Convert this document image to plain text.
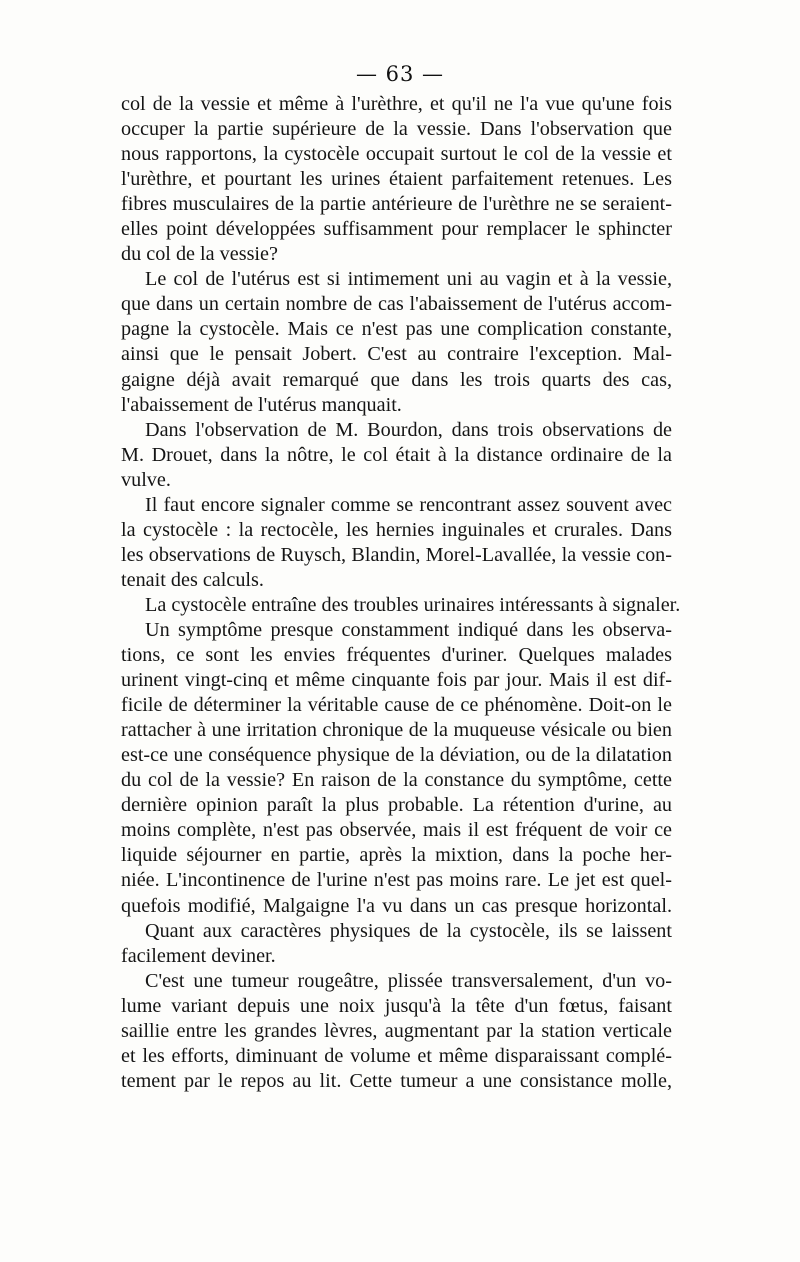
— 63 —
col de la vessie et même à l'urèthre, et qu'il ne l'a vue qu'une fois
occuper la partie supérieure de la vessie. Dans l'observation que
nous rapportons, la cystocèle occupait surtout le col de la vessie et
l'urèthre, et pourtant les urines étaient parfaitement retenues. Les
fibres musculaires de la partie antérieure de l'urèthre ne se seraient-
elles point développées suffisamment pour remplacer le sphincter
du col de la vessie?
Le col de l'utérus est si intimement uni au vagin et à la vessie,
que dans un certain nombre de cas l'abaissement de l'utérus accom-
pagne la cystocèle. Mais ce n'est pas une complication constante,
ainsi que le pensait Jobert. C'est au contraire l'exception. Mal-
gaigne déjà avait remarqué que dans les trois quarts des cas,
l'abaissement de l'utérus manquait.
Dans l'observation de M. Bourdon, dans trois observations de
M. Drouet, dans la nôtre, le col était à la distance ordinaire de la
vulve.
Il faut encore signaler comme se rencontrant assez souvent avec
la cystocèle : la rectocèle, les hernies inguinales et crurales. Dans
les observations de Ruysch, Blandin, Morel-Lavallée, la vessie con-
tenait des calculs.
La cystocèle entraîne des troubles urinaires intéressants à signaler.
Un symptôme presque constamment indiqué dans les observa-
tions, ce sont les envies fréquentes d'uriner. Quelques malades
urinent vingt-cinq et même cinquante fois par jour. Mais il est dif-
ficile de déterminer la véritable cause de ce phénomène. Doit-on le
rattacher à une irritation chronique de la muqueuse vésicale ou bien
est-ce une conséquence physique de la déviation, ou de la dilatation
du col de la vessie? En raison de la constance du symptôme, cette
dernière opinion paraît la plus probable. La rétention d'urine, au
moins complète, n'est pas observée, mais il est fréquent de voir ce
liquide séjourner en partie, après la mixtion, dans la poche her-
niée. L'incontinence de l'urine n'est pas moins rare. Le jet est quel-
quefois modifié, Malgaigne l'a vu dans un cas presque horizontal.
Quant aux caractères physiques de la cystocèle, ils se laissent
facilement deviner.
C'est une tumeur rougeâtre, plissée transversalement, d'un vo-
lume variant depuis une noix jusqu'à la tête d'un fœtus, faisant
saillie entre les grandes lèvres, augmentant par la station verticale
et les efforts, diminuant de volume et même disparaissant complé-
tement par le repos au lit. Cette tumeur a une consistance molle,
